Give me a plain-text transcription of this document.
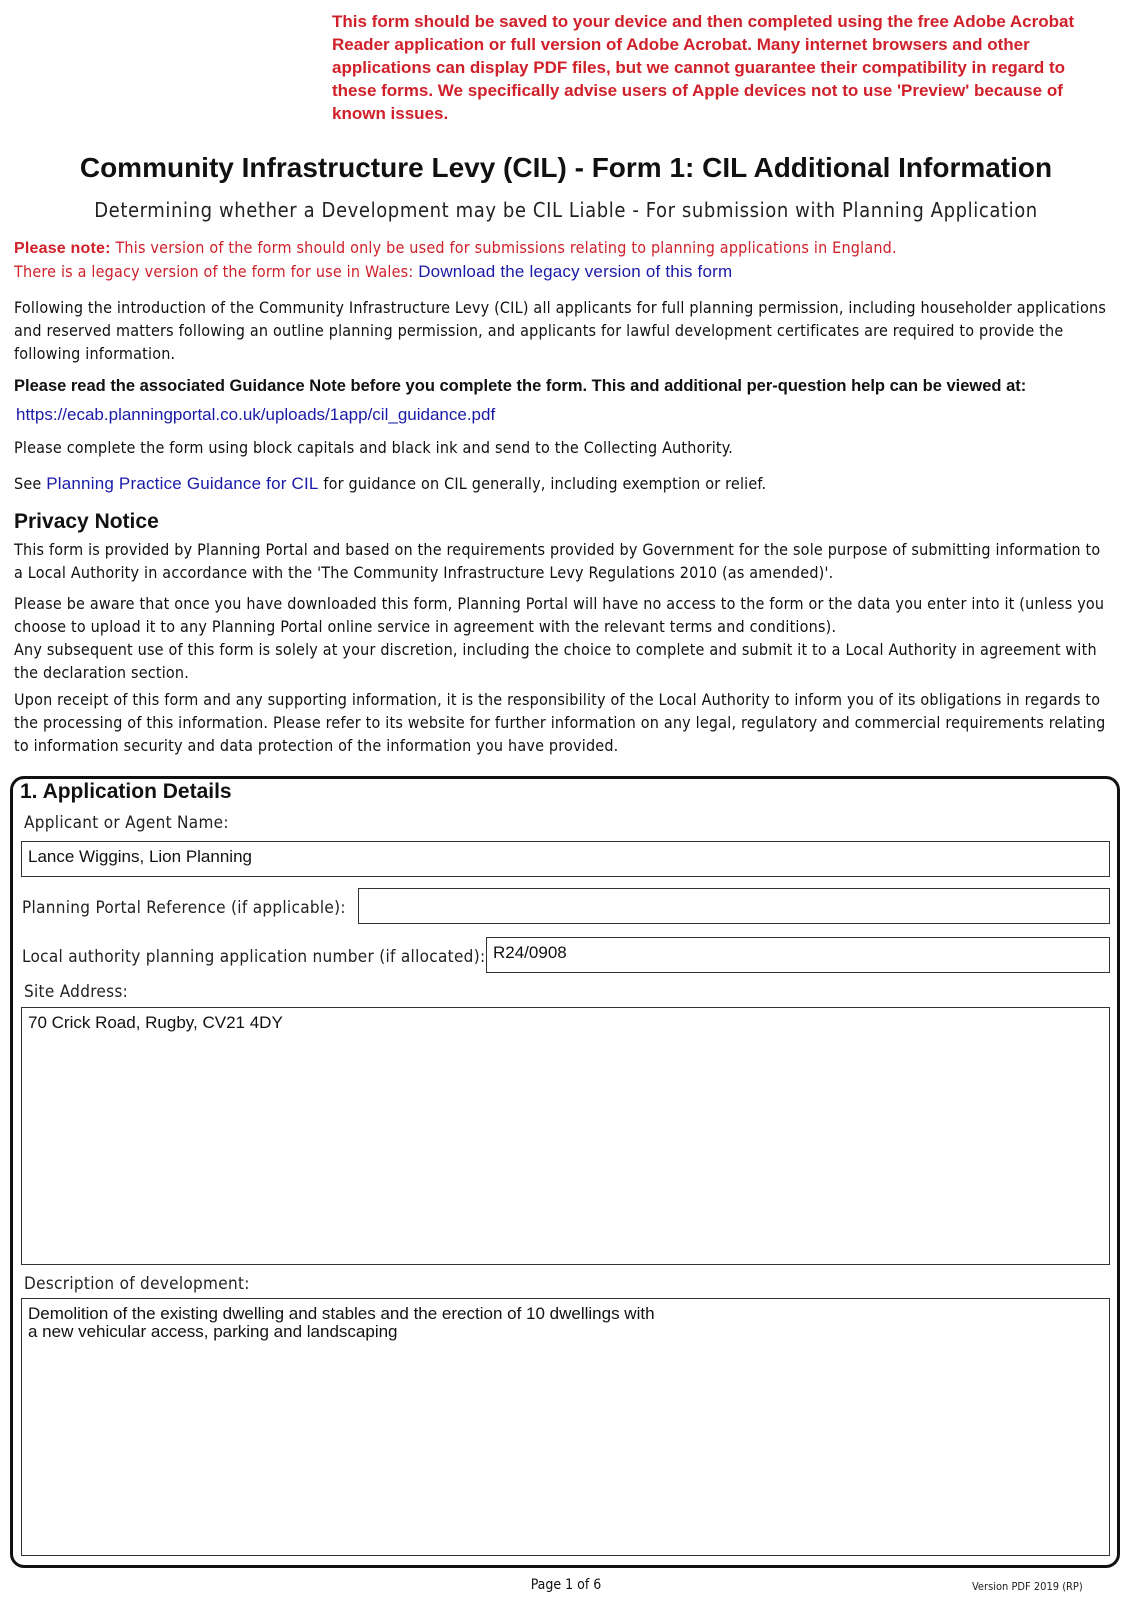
This form should be saved to your device and then completed using the free Adobe Acrobat Reader application or full version of Adobe Acrobat. Many internet browsers and other applications can display PDF files, but we cannot guarantee their compatibility in regard to these forms. We specifically advise users of Apple devices not to use 'Preview' because of known issues.
Community Infrastructure Levy (CIL) - Form 1: CIL Additional Information
Determining whether a Development may be CIL Liable - For submission with Planning Application
Please note: This version of the form should only be used for submissions relating to planning applications in England.
There is a legacy version of the form for use in Wales: Download the legacy version of this form
Following the introduction of the Community Infrastructure Levy (CIL) all applicants for full planning permission, including householder applications and reserved matters following an outline planning permission, and applicants for lawful development certificates are required to provide the following information.
Please read the associated Guidance Note before you complete the form. This and additional per-question help can be viewed at:
https://ecab.planningportal.co.uk/uploads/1app/cil_guidance.pdf
Please complete the form using block capitals and black ink and send to the Collecting Authority.
See Planning Practice Guidance for CIL for guidance on CIL generally, including exemption or relief.
Privacy Notice
This form is provided by Planning Portal and based on the requirements provided by Government for the sole purpose of submitting information to a Local Authority in accordance with the 'The Community Infrastructure Levy Regulations 2010 (as amended)'.
Please be aware that once you have downloaded this form, Planning Portal will have no access to the form or the data you enter into it (unless you choose to upload it to any Planning Portal online service in agreement with the relevant terms and conditions).
Any subsequent use of this form is solely at your discretion, including the choice to complete and submit it to a Local Authority in agreement with the declaration section.
Upon receipt of this form and any supporting information, it is the responsibility of the Local Authority to inform you of its obligations in regards to the processing of this information. Please refer to its website for further information on any legal, regulatory and commercial requirements relating to information security and data protection of the information you have provided.
1. Application Details
Applicant or Agent Name:
Lance Wiggins, Lion Planning
Planning Portal Reference (if applicable):
Local authority planning application number (if allocated): R24/0908
Site Address:
70 Crick Road, Rugby, CV21 4DY
Description of development:
Demolition of the existing dwelling and stables and the erection of 10 dwellings with
a new vehicular access, parking and landscaping
Page 1 of 6	Version PDF 2019 (RP)
